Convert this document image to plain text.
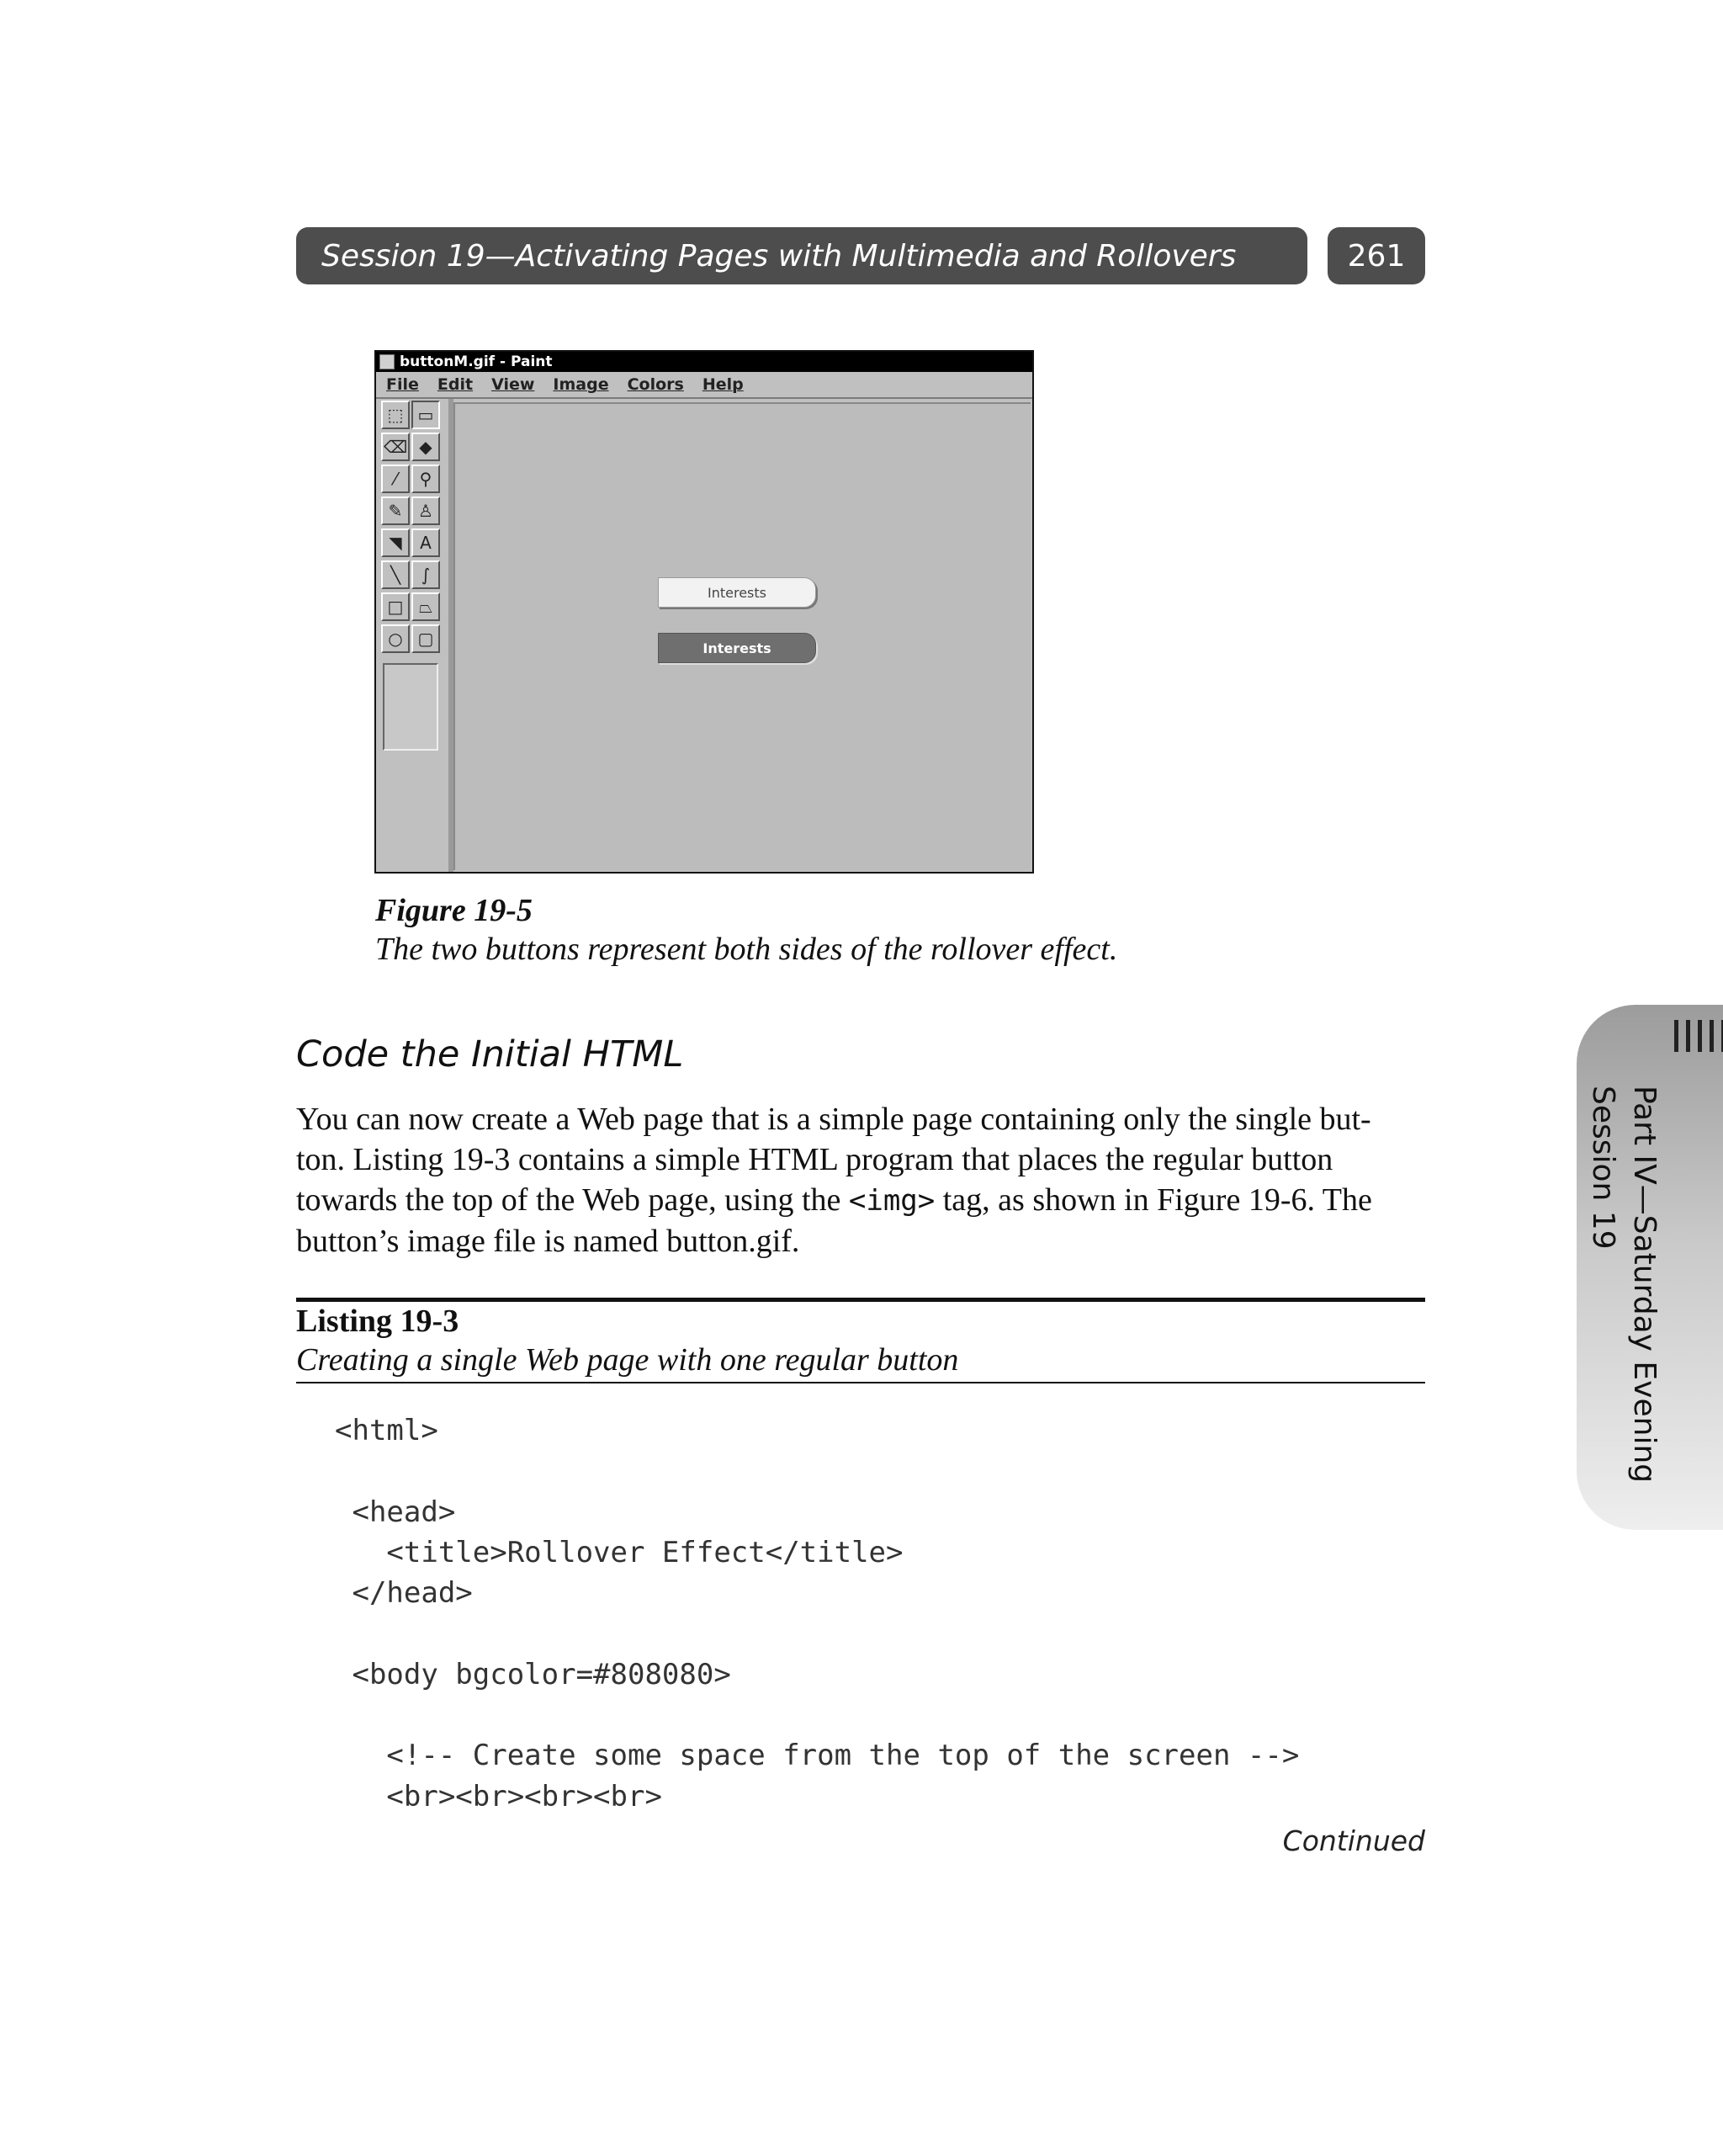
Session 19—Activating Pages with Multimedia and Rollovers	261
buttonM.gif - Paint
File Edit View Image Colors Help
⬚ ▭
⌫ ◆
⁄	⚲
✎ ♙
◥	A
╲	∫
□ ⏢
○ ▢
Interests
Interests
Figure 19-5
The two buttons represent both sides of the rollover effect.
Code the Initial HTML

You can now create a Web page that is a simple page containing only the single but-

ton. Listing 19-3 contains a simple HTML program that places the regular button

towards the top of the Web page, using the <img> tag, as shown in Figure 19-6. The

button’s image file is named button.gif.

Listing 19-3
Creating a single Web page with one regular button
<html>

<head>
<title>Rollover Effect</title>
</head>

<body bgcolor=#808080>

<!-- Create some space from the top of the screen -->
<br><br><br><br>
Continued
Part IV—Saturday Evening
Session 19
